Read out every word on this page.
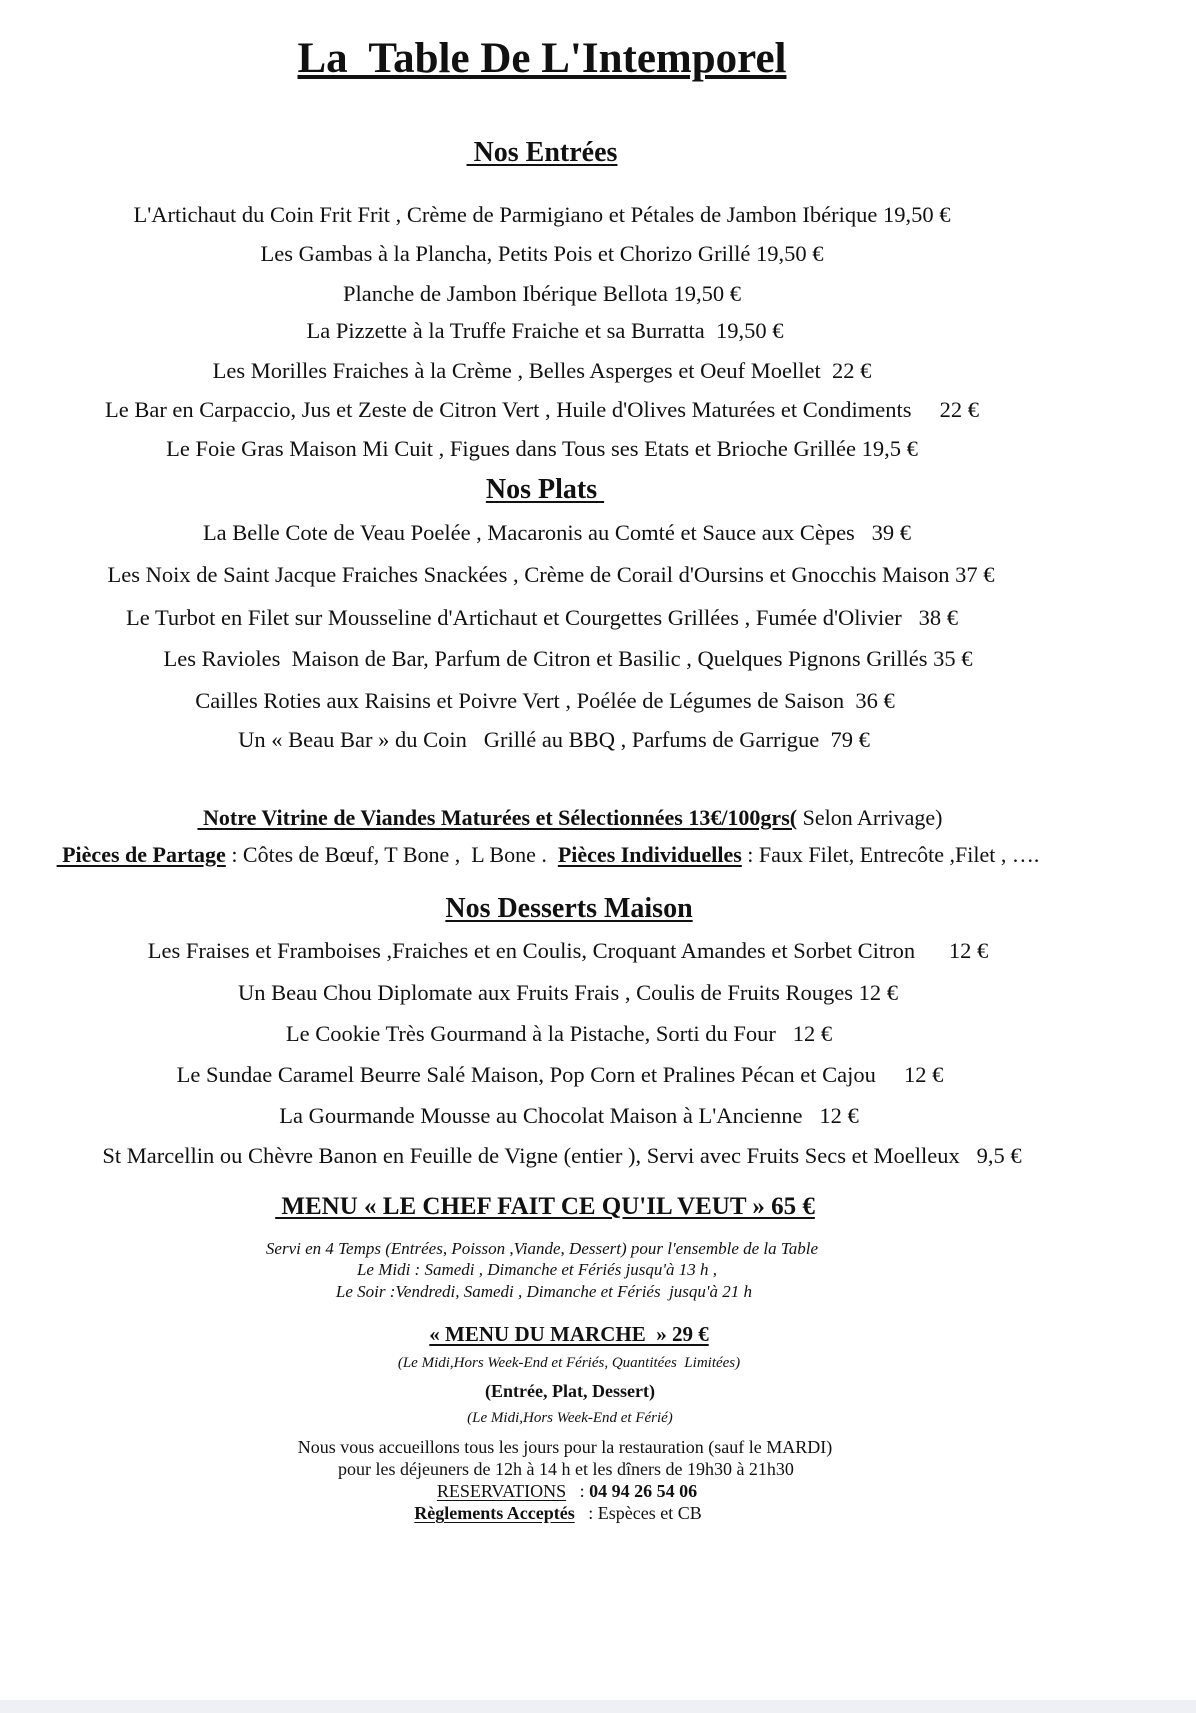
La  Table De L'Intemporel
Nos Entrées
L'Artichaut du Coin Frit Frit , Crème de Parmigiano et Pétales de Jambon Ibérique 19,50 €
Les Gambas à la Plancha, Petits Pois et Chorizo Grillé 19,50 €
Planche de Jambon Ibérique Bellota 19,50 €
La Pizzette à la Truffe Fraiche et sa Burratta  19,50 €
Les Morilles Fraiches à la Crème , Belles Asperges et Oeuf Moellet  22 €
Le Bar en Carpaccio, Jus et Zeste de Citron Vert , Huile d'Olives Maturées et Condiments     22 €
Le Foie Gras Maison Mi Cuit , Figues dans Tous ses Etats et Brioche Grillée 19,5 €
Nos Plats
La Belle Cote de Veau Poelée , Macaronis au Comté et Sauce aux Cèpes   39 €
Les Noix de Saint Jacque Fraiches Snackées , Crème de Corail d'Oursins et Gnocchis Maison 37 €
Le Turbot en Filet sur Mousseline d'Artichaut et Courgettes Grillées , Fumée d'Olivier   38 €
Les Ravioles  Maison de Bar, Parfum de Citron et Basilic , Quelques Pignons Grillés 35 €
Cailles Roties aux Raisins et Poivre Vert , Poélée de Légumes de Saison  36 €
Un « Beau Bar » du Coin   Grillé au BBQ , Parfums de Garrigue  79 €
Notre Vitrine de Viandes Maturées et Sélectionnées 13€/100grs( Selon Arrivage)
Pièces de Partage : Côtes de Bœuf, T Bone ,  L Bone .  Pièces Individuelles : Faux Filet, Entrecôte ,Filet , ….
Nos Desserts Maison
Les Fraises et Framboises ,Fraiches et en Coulis, Croquant Amandes et Sorbet Citron      12 €
Un Beau Chou Diplomate aux Fruits Frais , Coulis de Fruits Rouges 12 €
Le Cookie Très Gourmand à la Pistache, Sorti du Four   12 €
Le Sundae Caramel Beurre Salé Maison, Pop Corn et Pralines Pécan et Cajou     12 €
La Gourmande Mousse au Chocolat Maison à L'Ancienne   12 €
St Marcellin ou Chèvre Banon en Feuille de Vigne (entier ), Servi avec Fruits Secs et Moelleux   9,5 €
MENU « LE CHEF FAIT CE QU'IL VEUT » 65 €
Servi en 4 Temps (Entrées, Poisson ,Viande, Dessert) pour l'ensemble de la Table
Le Midi : Samedi , Dimanche et Fériés jusqu'à 13 h ,
Le Soir :Vendredi, Samedi , Dimanche et Fériés  jusqu'à 21 h
« MENU DU MARCHE  » 29 €
(Le Midi,Hors Week-End et Fériés, Quantitées  Limitées)
(Entrée, Plat, Dessert)
(Le Midi,Hors Week-End et Férié)
Nous vous accueillons tous les jours pour la restauration (sauf le MARDI)
pour les déjeuners de 12h à 14 h et les dîners de 19h30 à 21h30
RESERVATIONS   : 04 94 26 54 06
Règlements Acceptés   : Espèces et CB
